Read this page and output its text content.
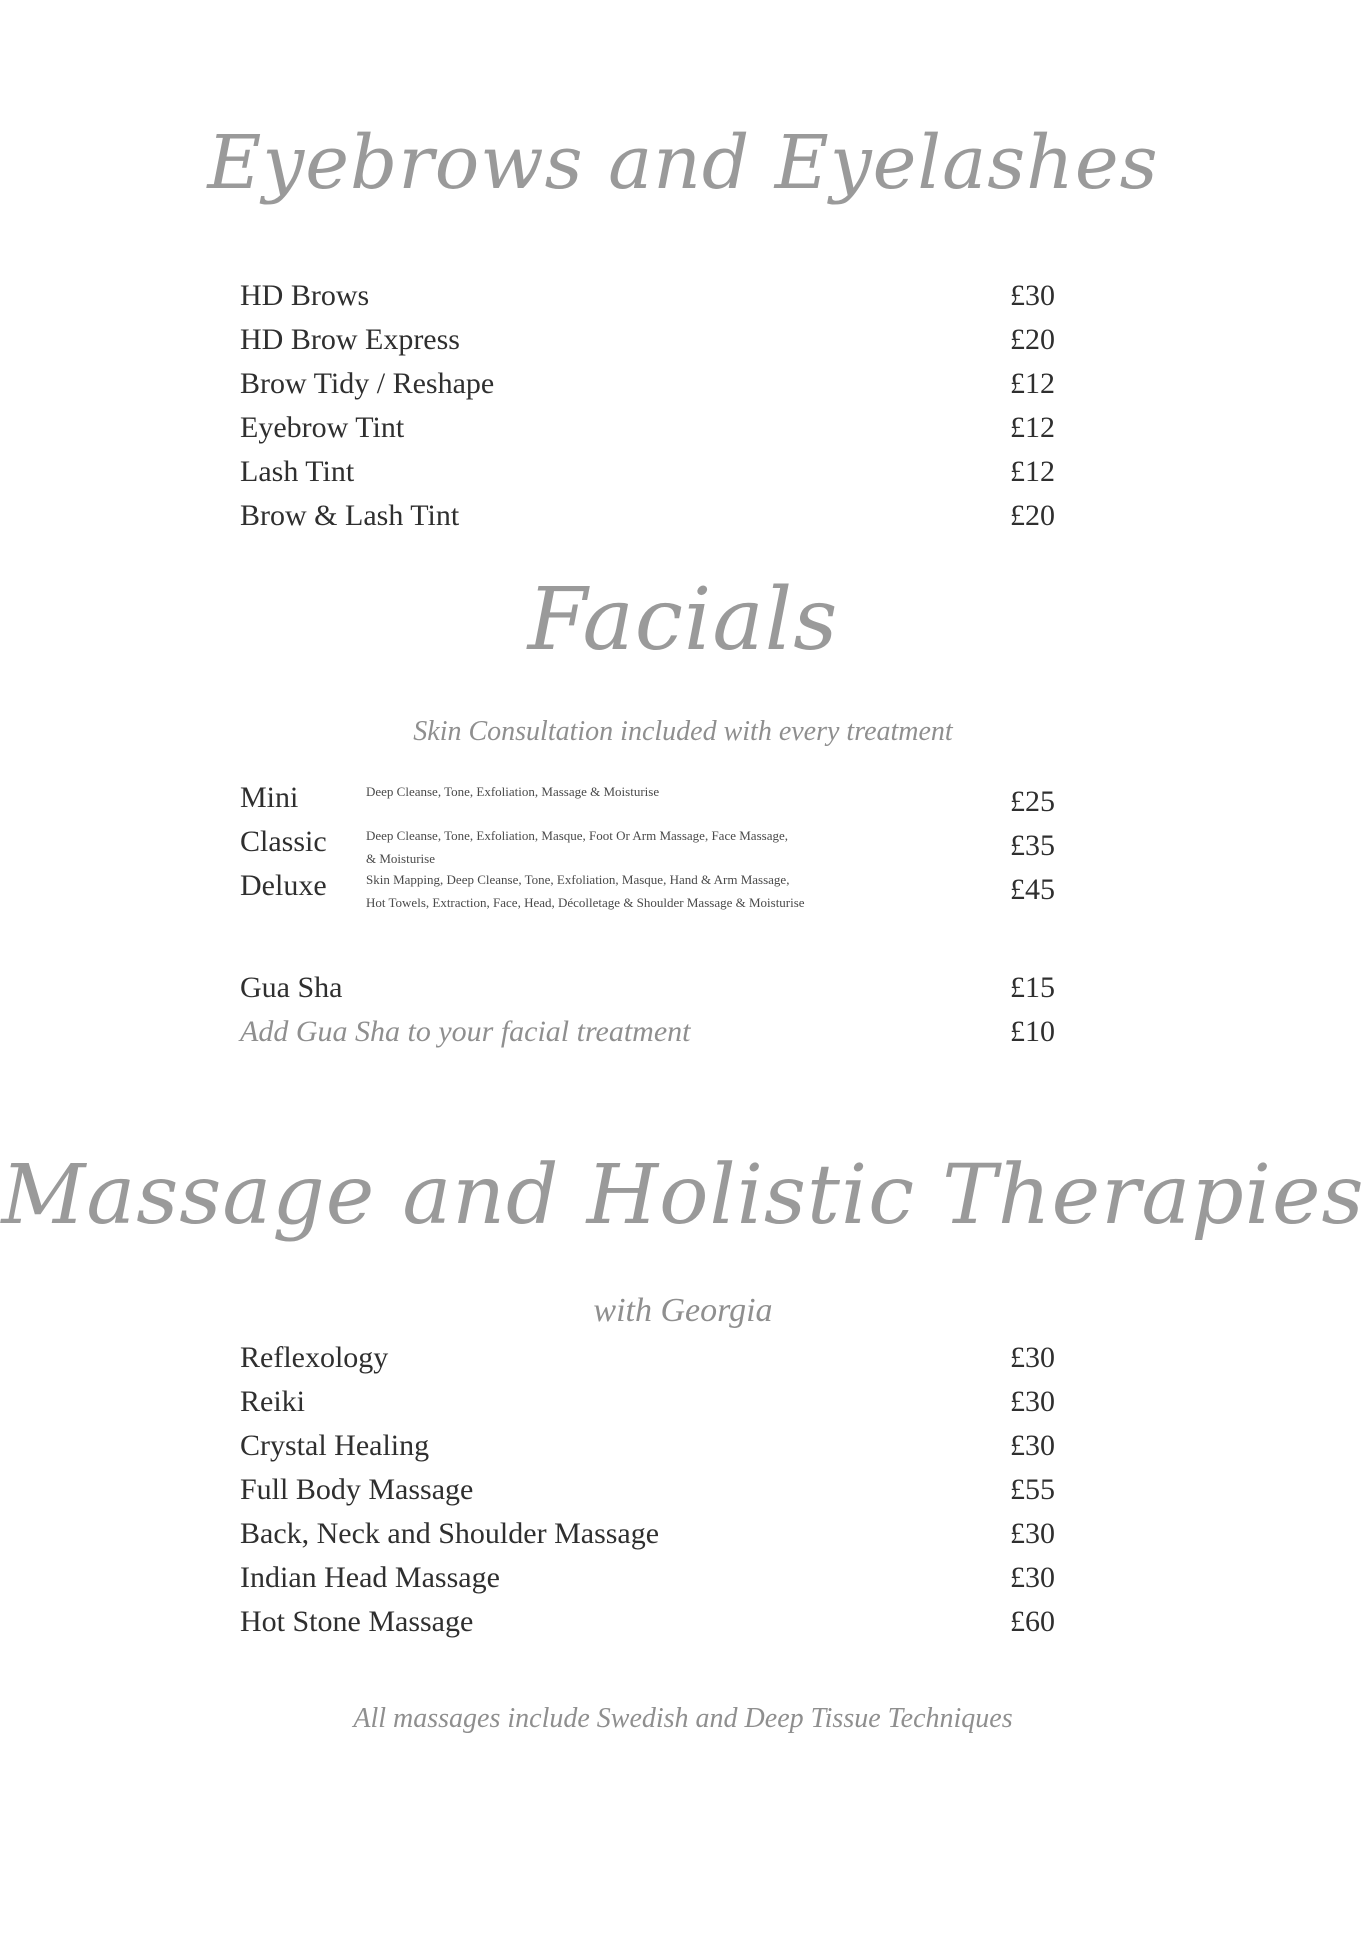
Eyebrows and Eyelashes
HD Brows	£30
HD Brow Express	£20
Brow Tidy / Reshape	£12
Eyebrow Tint	£12
Lash Tint	£12
Brow & Lash Tint	£20
Facials

Skin Consultation included with every treatment

Mini	Deep Cleanse, Tone, Exfoliation, Massage & Moisturise	£25
Classic	Deep Cleanse, Tone, Exfoliation, Masque, Foot Or Arm Massage, Face Massage,
& Moisturise	£35
Deluxe	Skin Mapping, Deep Cleanse, Tone, Exfoliation, Masque, Hand & Arm Massage,
Hot Towels, Extraction, Face, Head, Décolletage & Shoulder Massage & Moisturise	£45
Gua Sha	£15
Add Gua Sha to your facial treatment	£10
Massage and Holistic Therapies

with Georgia

Reflexology	£30
Reiki	£30
Crystal Healing	£30
Full Body Massage	£55
Back, Neck and Shoulder Massage	£30
Indian Head Massage	£30
Hot Stone Massage	£60

All massages include Swedish and Deep Tissue Techniques
